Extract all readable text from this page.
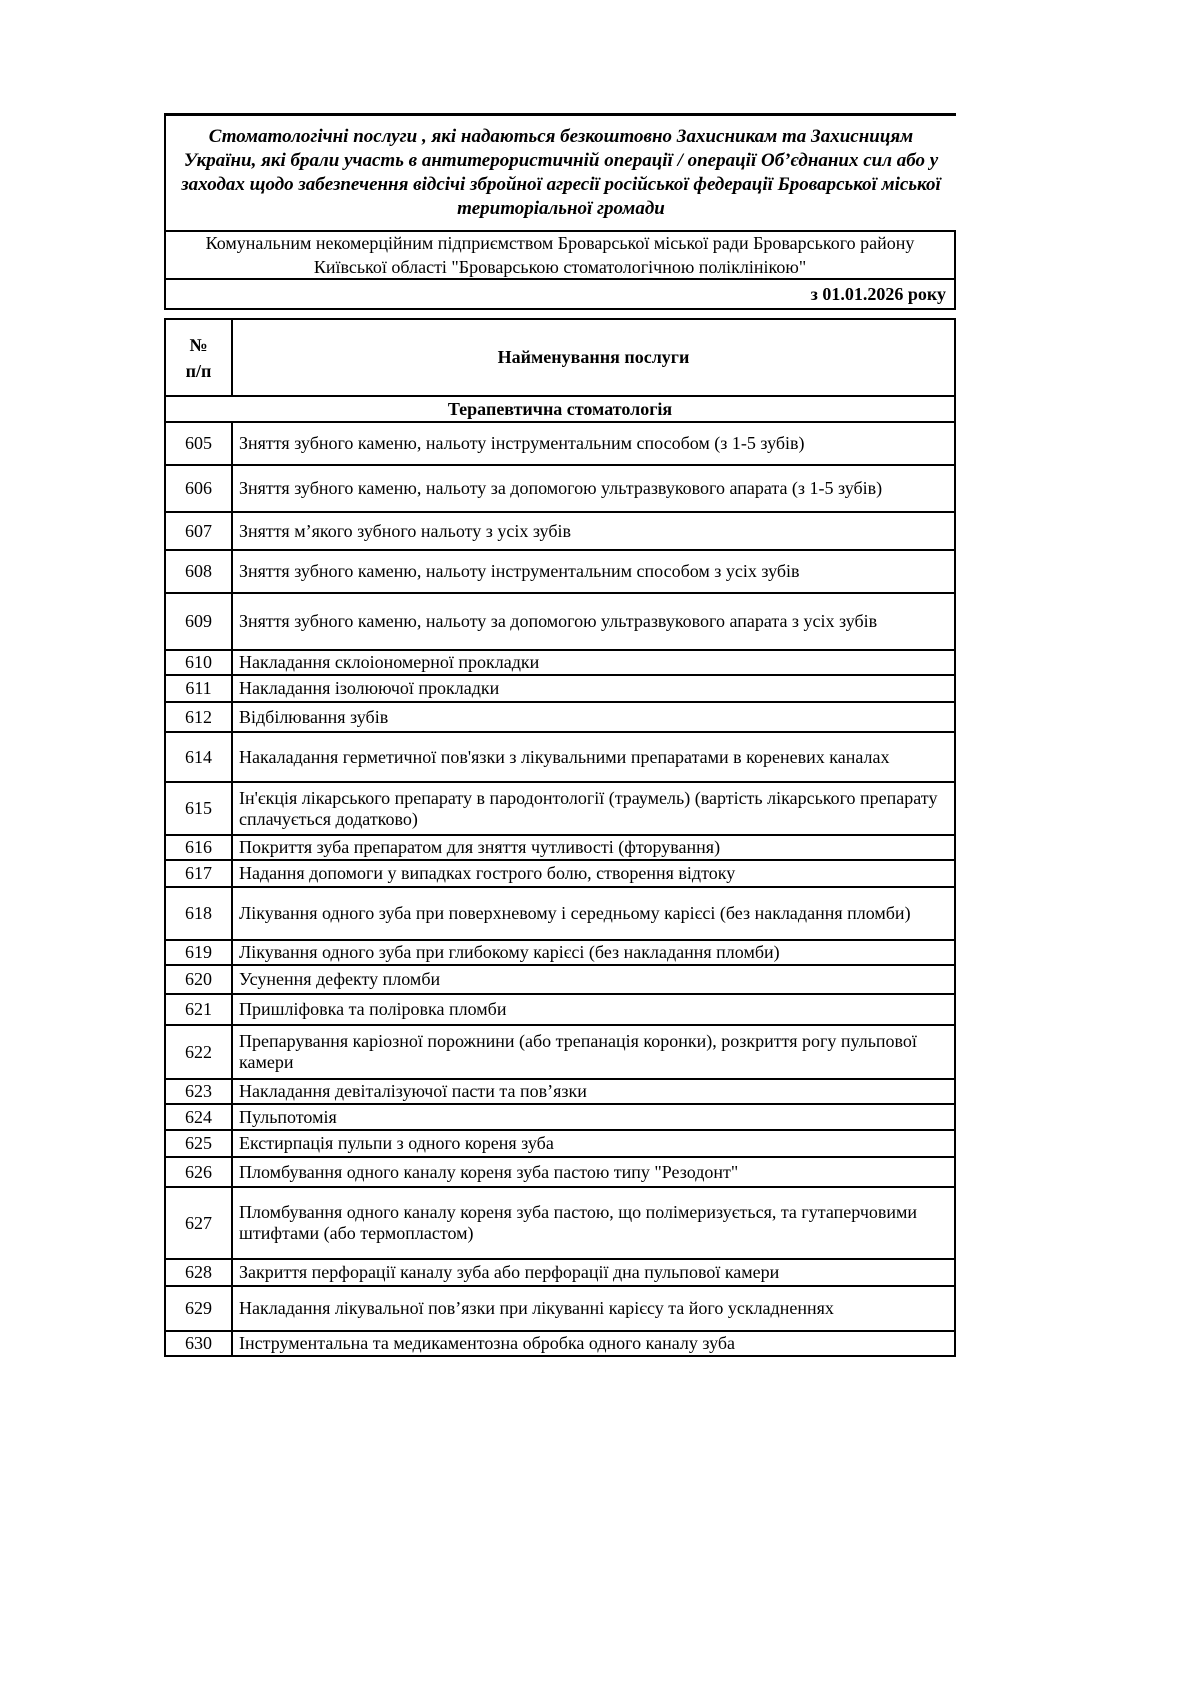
Стоматологічні послуги , які надаються безкоштовно Захисникам та Захисницям України, які брали участь в антитерористичній операції / операції Об’єднаних сил або у заходах щодо забезпечення відсічі збройної агресії російської федерації Броварської міської територіальної громади
Комунальним некомерційним підприємством Броварської міської ради Броварського району Київської області "Броварською стоматологічною поліклінікою"
з 01.01.2026 року
№
п/п	Найменування послуги
Терапевтична стоматологія	
605	Зняття зубного каменю, нальоту інструментальним способом (з 1-5 зубів)
606	Зняття зубного каменю, нальоту за допомогою ультразвукового апарата (з 1-5 зубів)
607	Зняття м’якого зубного нальоту з усіх зубів
608	Зняття зубного каменю, нальоту інструментальним способом з усіх зубів
609	Зняття зубного каменю, нальоту за допомогою ультразвукового апарата з усіх зубів
610	Накладання склоіономерної прокладки
611	Накладання ізолюючої прокладки
612	Відбілювання зубів
614	Накаладання герметичної пов'язки з лікувальними препаратами в кореневих каналах
615	Ін'єкція лікарського препарату в пародонтології (траумель) (вартість лікарського препарату сплачується додатково)
616	Покриття зуба препаратом для зняття чутливості (фторування)
617	Надання допомоги у випадках гострого болю, створення відтоку
618	Лікування одного зуба при поверхневому і середньому карієсі (без накладання пломби)
619	Лікування одного зуба при глибокому карієсі (без накладання пломби)
620	Усунення дефекту пломби
621	Пришліфовка та поліровка пломби
622	Препарування каріозної порожнини (або трепанація коронки), розкриття рогу пульпової камери
623	Накладання девіталізуючої пасти та пов’язки
624	Пульпотомія
625	Екстирпація пульпи з одного кореня зуба
626	Пломбування одного каналу кореня зуба пастою типу "Резодонт"
627	Пломбування одного каналу кореня зуба пастою, що полімеризується, та гутаперчовими штифтами (або термопластом)
628	Закриття перфорації каналу зуба або перфорації дна пульпової камери
629	Накладання лікувальної пов’язки при лікуванні карієсу та його ускладненнях
630	Інструментальна та медикаментозна обробка одного каналу зуба
